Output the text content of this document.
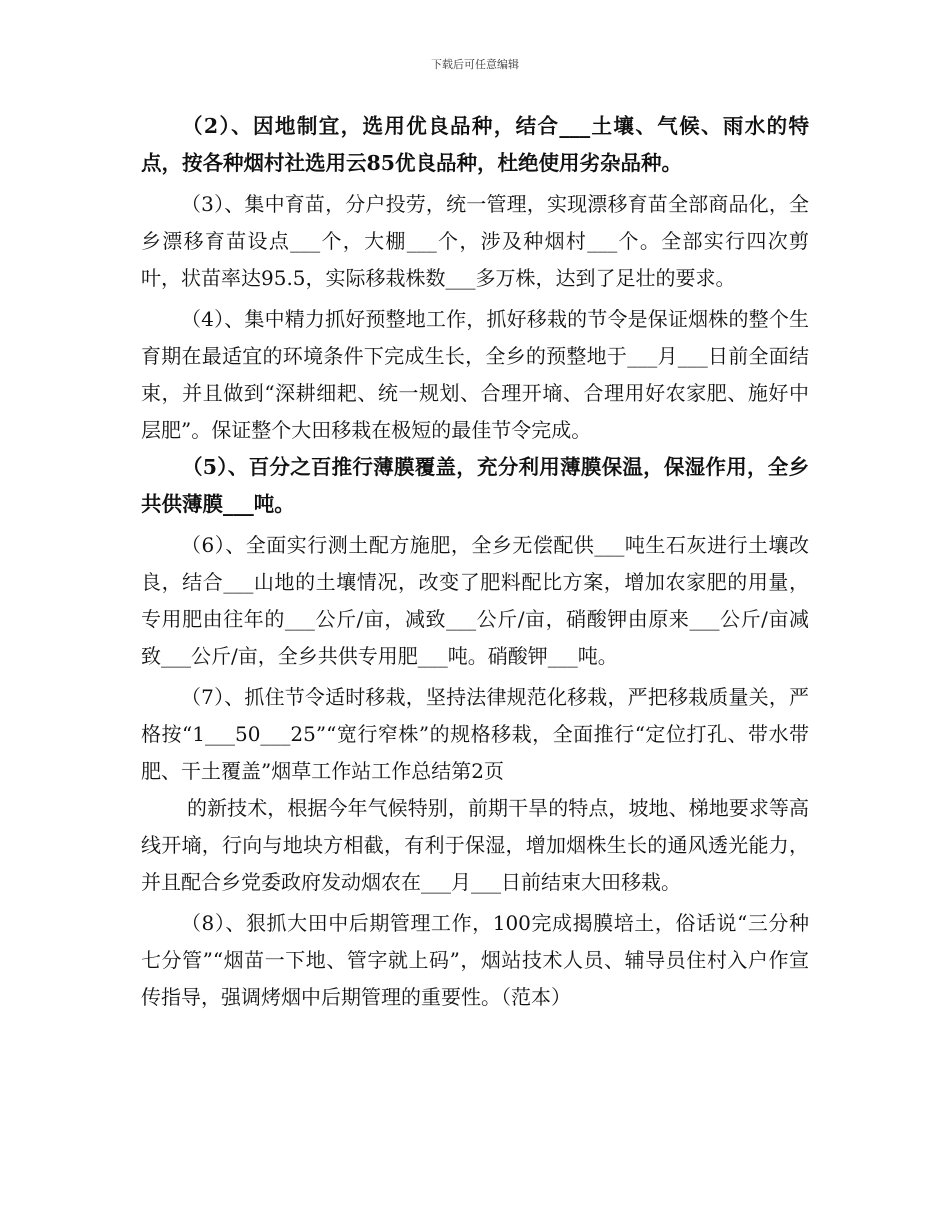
下载后可任意编辑

（2）、因地制宜，选用优良品种，结合___土壤、气候、雨水的特点，按各种烟村社选用云85优良品种，杜绝使用劣杂品种。

（3）、集中育苗，分户投劳，统一管理，实现漂移育苗全部商品化，全乡漂移育苗设点___个，大棚___个，涉及种烟村___个。全部实行四次剪叶，状苗率达95.5，实际移栽株数___多万株，达到了足壮的要求。

（4）、集中精力抓好预整地工作，抓好移栽的节令是保证烟株的整个生育期在最适宜的环境条件下完成生长，全乡的预整地于___月___日前全面结束，并且做到“深耕细耙、统一规划、合理开墒、合理用好农家肥、施好中层肥”。保证整个大田移栽在极短的最佳节令完成。

（5）、百分之百推行薄膜覆盖，充分利用薄膜保温，保湿作用，全乡共供薄膜___吨。

（6）、全面实行测土配方施肥，全乡无偿配供___吨生石灰进行土壤改良，结合___山地的土壤情况，改变了肥料配比方案，增加农家肥的用量，专用肥由往年的___公斤/亩，减致___公斤/亩，硝酸钾由原来___公斤/亩减致___公斤/亩，全乡共供专用肥___吨。硝酸钾___吨。

（7）、抓住节令适时移栽，坚持法律规范化移栽，严把移栽质量关，严格按“1___50___25”“宽行窄株”的规格移栽，全面推行“定位打孔、带水带肥、干土覆盖”烟草工作站工作总结第2页

的新技术，根据今年气候特别，前期干旱的特点，坡地、梯地要求等高线开墒，行向与地块方相截，有利于保湿，增加烟株生长的通风透光能力，并且配合乡党委政府发动烟农在___月___日前结束大田移栽。

（8）、狠抓大田中后期管理工作，100完成揭膜培土，俗话说“三分种七分管”“烟苗一下地、管字就上码”，烟站技术人员、辅导员住村入户作宣传指导，强调烤烟中后期管理的重要性。（范本）
